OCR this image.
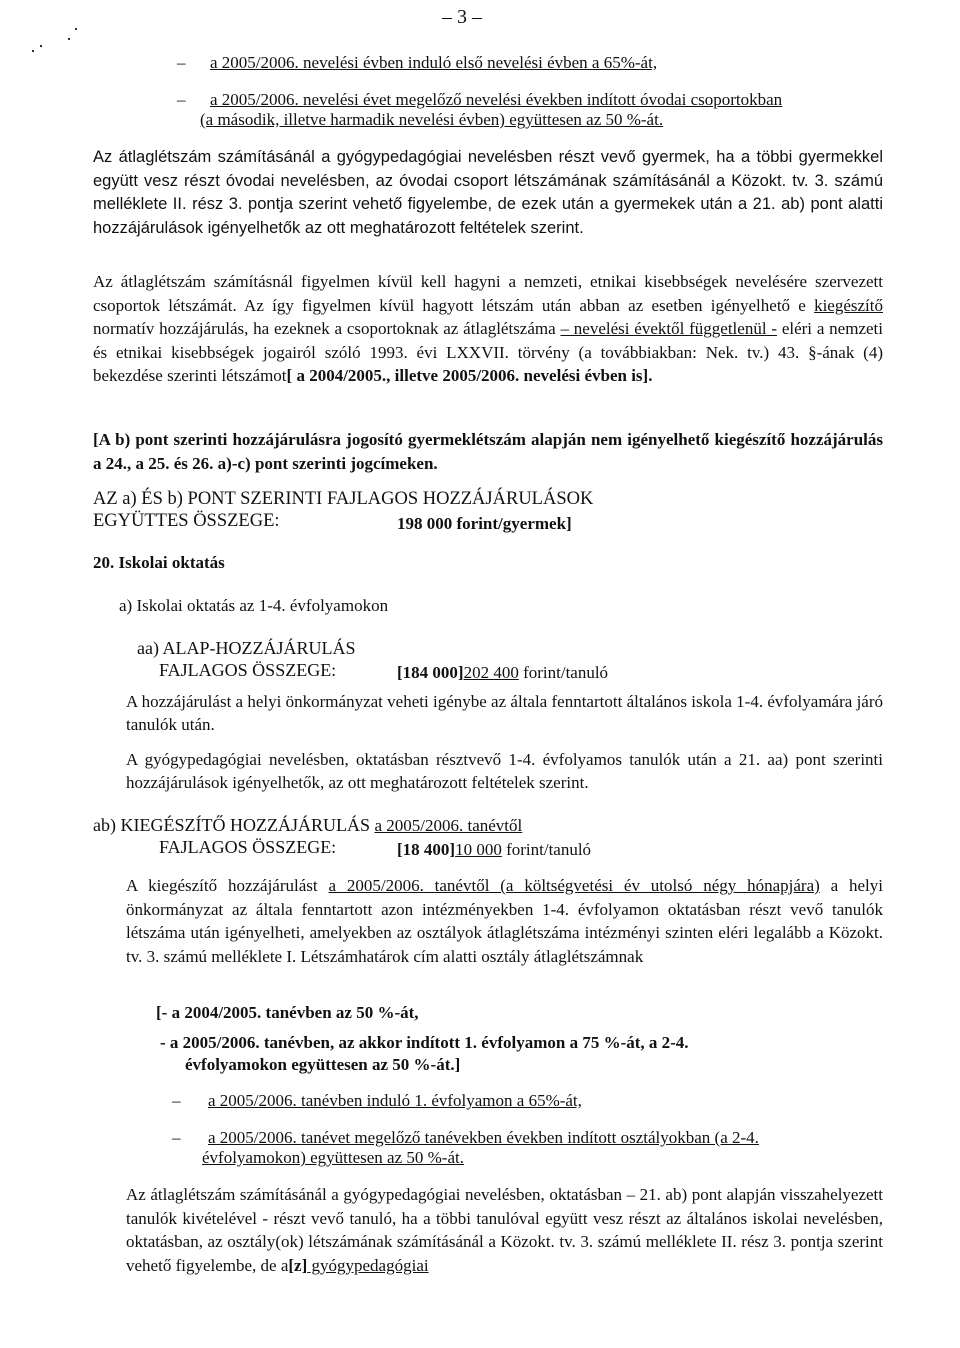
– 3 –
– a 2005/2006. nevelési évben induló első nevelési évben a 65%-át,
– a 2005/2006. nevelési évet megelőző nevelési években indított óvodai csoportokban
(a második, illetve harmadik nevelési évben) együttesen az 50 %-át.
Az átlaglétszám számításánál a gyógypedagógiai nevelésben részt vevő gyermek, ha a többi gyermekkel együtt vesz részt óvodai nevelésben, az óvodai csoport létszámának számításánál a Közokt. tv. 3. számú melléklete II. rész 3. pontja szerint vehető figyelembe, de ezek után a gyermekek után a 21. ab) pont alatti hozzájárulások igényelhetők az ott meghatározott feltételek szerint.
Az átlaglétszám számításnál figyelmen kívül kell hagyni a nemzeti, etnikai kisebbségek nevelésére szervezett csoportok létszámát. Az így figyelmen kívül hagyott létszám után abban az esetben igényelhető e kiegészítő normatív hozzájárulás, ha ezeknek a csoportoknak az átlaglétszáma – nevelési évektől függetlenül - eléri a nemzeti és etnikai kisebbségek jogairól szóló 1993. évi LXXVII. törvény (a továbbiakban: Nek. tv.) 43. §-ának (4) bekezdése szerinti létszámot[ a 2004/2005., illetve 2005/2006. nevelési évben is].
[A b) pont szerinti hozzájárulásra jogosító gyermeklétszám alapján nem igényelhető kiegészítő hozzájárulás a 24., a 25. és 26. a)-c) pont szerinti jogcímeken.
AZ a) ÉS b) PONT SZERINTI FAJLAGOS HOZZÁJÁRULÁSOK
EGYÜTTES ÖSSZEGE:	198 000 forint/gyermek]
20. Iskolai oktatás
a) Iskolai oktatás az 1-4. évfolyamokon
aa) ALAP-HOZZÁJÁRULÁS
FAJLAGOS ÖSSZEGE:	[184 000]202 400 forint/tanuló
A hozzájárulást a helyi önkormányzat veheti igénybe az általa fenntartott általános iskola 1-4. évfolyamára járó tanulók után.
A gyógypedagógiai nevelésben, oktatásban résztvevő 1-4. évfolyamos tanulók után a 21. aa) pont szerinti hozzájárulások igényelhetők, az ott meghatározott feltételek szerint.
ab) KIEGÉSZÍTŐ HOZZÁJÁRULÁS a 2005/2006. tanévtől
FAJLAGOS ÖSSZEGE:	[18 400]10 000 forint/tanuló
A kiegészítő hozzájárulást a 2005/2006. tanévtől (a költségvetési év utolsó négy hónapjára) a helyi önkormányzat az általa fenntartott azon intézményekben 1-4. évfolyamon oktatásban részt vevő tanulók létszáma után igényelheti, amelyekben az osztályok átlaglétszáma intézményi szinten eléri legalább a Közokt. tv. 3. számú melléklete I. Létszámhatárok cím alatti osztály átlaglétszámnak
[- a 2004/2005. tanévben az 50 %-át,
- a 2005/2006. tanévben, az akkor indított 1. évfolyamon a 75 %-át, a 2-4.
évfolyamokon együttesen az 50 %-át.]
– a 2005/2006. tanévben induló 1. évfolyamon a 65%-át,
– a 2005/2006. tanévet megelőző tanévekben években indított osztályokban (a 2-4.
évfolyamokon) együttesen az 50 %-át.
Az átlaglétszám számításánál a gyógypedagógiai nevelésben, oktatásban – 21. ab) pont alapján visszahelyezett tanulók kivételével - részt vevő tanuló, ha a többi tanulóval együtt vesz részt az általános iskolai nevelésben, oktatásban, az osztály(ok) létszámának számításánál a Közokt. tv. 3. számú melléklete II. rész 3. pontja szerint vehető figyelembe, de a[z] gyógypedagógiai
